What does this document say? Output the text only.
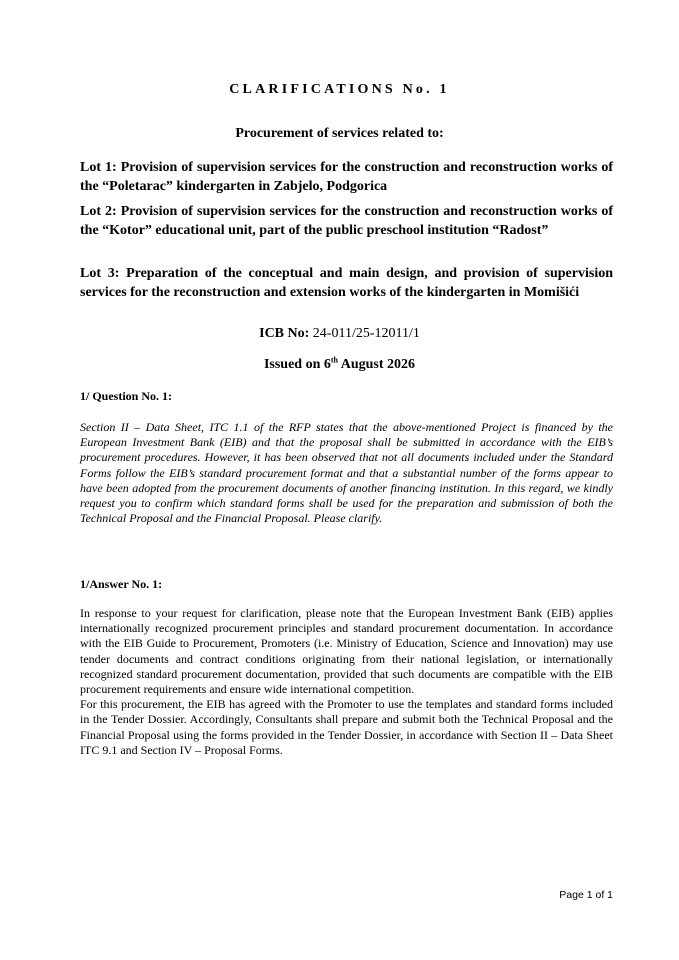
CLARIFICATIONS No. 1
Procurement of services related to:
Lot 1: Provision of supervision services for the construction and reconstruction works of the “Poletarac” kindergarten in Zabjelo, Podgorica
Lot 2: Provision of supervision services for the construction and reconstruction works of the “Kotor” educational unit, part of the public preschool institution “Radost”
Lot 3: Preparation of the conceptual and main design, and provision of supervision services for the reconstruction and extension works of the kindergarten in Momišići
ICB No: 24-011/25-12011/1
Issued on 6th August 2026
1/ Question No. 1:

Section II – Data Sheet, ITC 1.1 of the RFP states that the above-mentioned Project is financed by the European Investment Bank (EIB) and that the proposal shall be submitted in accordance with the EIB’s procurement procedures. However, it has been observed that not all documents included under the Standard Forms follow the EIB’s standard procurement format and that a substantial number of the forms appear to have been adopted from the procurement documents of another financing institution. In this regard, we kindly request you to confirm which standard forms shall be used for the preparation and submission of both the Technical Proposal and the Financial Proposal. Please clarify.

1/Answer No. 1:

In response to your request for clarification, please note that the European Investment Bank (EIB) applies internationally recognized procurement principles and standard procurement documentation. In accordance with the EIB Guide to Procurement, Promoters (i.e. Ministry of Education, Science and Innovation) may use tender documents and contract conditions originating from their national legislation, or internationally recognized standard procurement documentation, provided that such documents are compatible with the EIB procurement requirements and ensure wide international competition.

For this procurement, the EIB has agreed with the Promoter to use the templates and standard forms included in the Tender Dossier. Accordingly, Consultants shall prepare and submit both the Technical Proposal and the Financial Proposal using the forms provided in the Tender Dossier, in accordance with Section II – Data Sheet ITC 9.1 and Section IV – Proposal Forms.

Page 1 of 1
